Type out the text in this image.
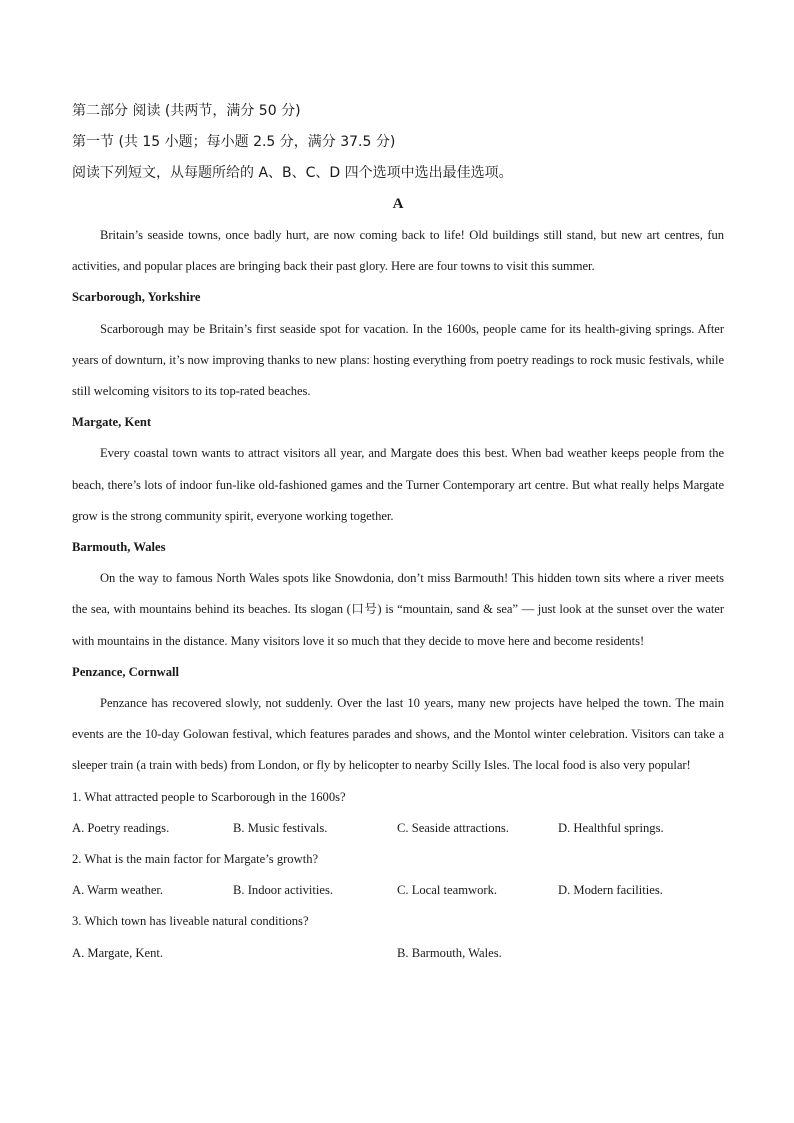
第二部分 阅读 (共两节，满分 50 分)
第一节 (共 15 小题；每小题 2.5 分，满分 37.5 分)
阅读下列短文，从每题所给的 A、B、C、D 四个选项中选出最佳选项。
A

Britain’s seaside towns, once badly hurt, are now coming back to life! Old buildings still stand, but new art centres, fun activities, and popular places are bringing back their past glory. Here are four towns to visit this summer.

Scarborough, Yorkshire

Scarborough may be Britain’s first seaside spot for vacation. In the 1600s, people came for its health-giving springs. After years of downturn, it’s now improving thanks to new plans: hosting everything from poetry readings to rock music festivals, while still welcoming visitors to its top-rated beaches.

Margate, Kent

Every coastal town wants to attract visitors all year, and Margate does this best. When bad weather keeps people from the beach, there’s lots of indoor fun-like old-fashioned games and the Turner Contemporary art centre. But what really helps Margate grow is the strong community spirit, everyone working together.

Barmouth, Wales

On the way to famous North Wales spots like Snowdonia, don’t miss Barmouth! This hidden town sits where a river meets the sea, with mountains behind its beaches. Its slogan (口号) is “mountain, sand & sea” — just look at the sunset over the water with mountains in the distance. Many visitors love it so much that they decide to move here and become residents!

Penzance, Cornwall

Penzance has recovered slowly, not suddenly. Over the last 10 years, many new projects have helped the town. The main events are the 10-day Golowan festival, which features parades and shows, and the Montol winter celebration. Visitors can take a sleeper train (a train with beds) from London, or fly by helicopter to nearby Scilly Isles. The local food is also very popular!

1. What attracted people to Scarborough in the 1600s?
A. Poetry readings.	B. Music festivals.	C. Seaside attractions.	D. Healthful springs.
2. What is the main factor for Margate’s growth?
A. Warm weather.	B. Indoor activities.	C. Local teamwork.	D. Modern facilities.
3. Which town has liveable natural conditions?
A. Margate, Kent.	B. Barmouth, Wales.
